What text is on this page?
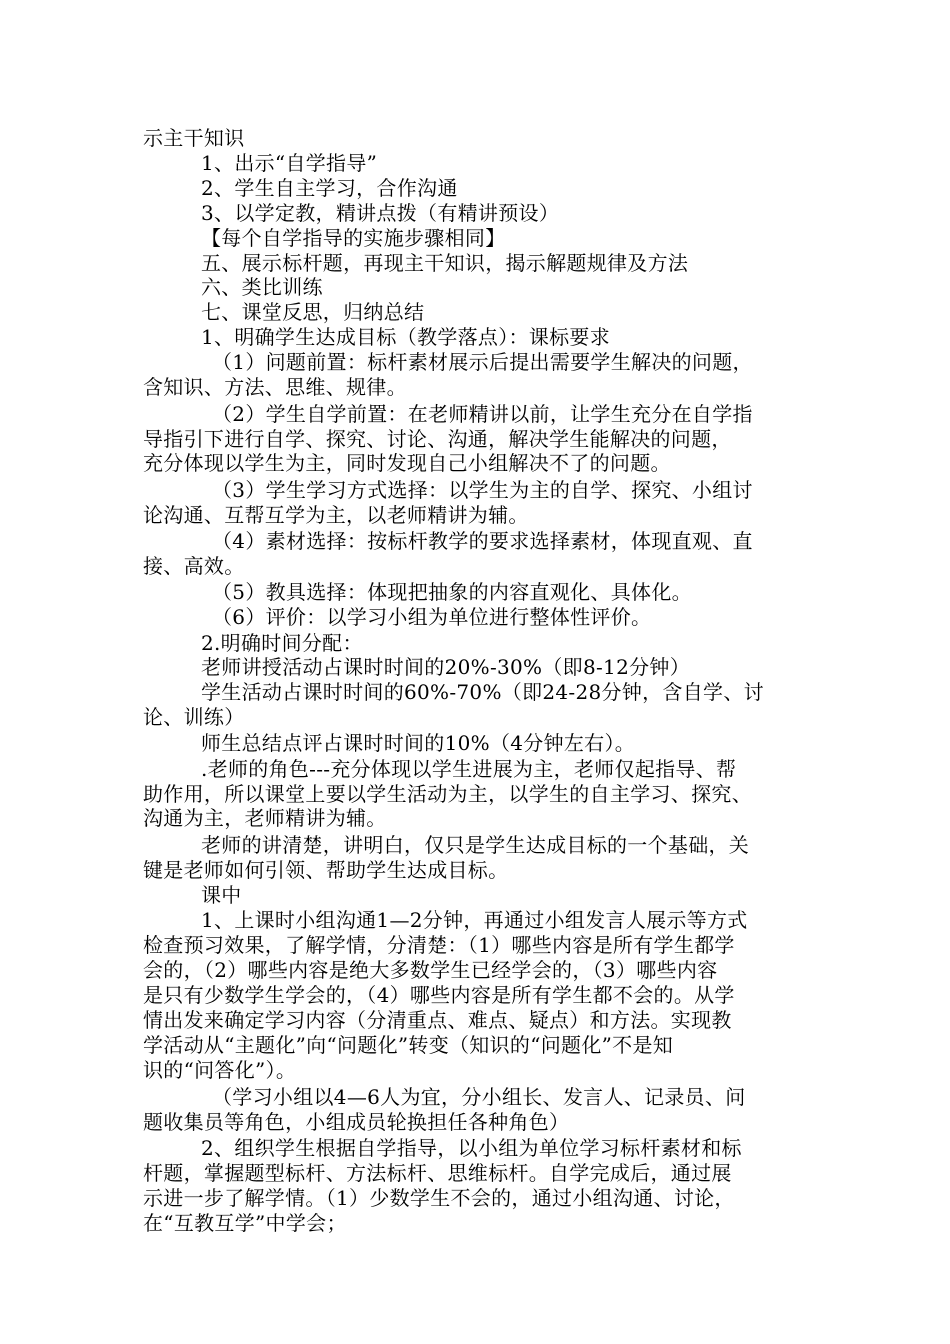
示主干知识
1、出示“自学指导”
2、学生自主学习，合作沟通
3、以学定教，精讲点拨（有精讲预设）
【每个自学指导的实施步骤相同】
五、展示标杆题，再现主干知识，揭示解题规律及方法
六、类比训练
七、课堂反思，归纳总结
1、明确学生达成目标（教学落点）：课标要求
（1）问题前置：标杆素材展示后提出需要学生解决的问题，
含知识、方法、思维、规律。
（2）学生自学前置：在老师精讲以前，让学生充分在自学指
导指引下进行自学、探究、讨论、沟通，解决学生能解决的问题，
充分体现以学生为主，同时发现自己小组解决不了的问题。
（3）学生学习方式选择：以学生为主的自学、探究、小组讨
论沟通、互帮互学为主，以老师精讲为辅。
（4）素材选择：按标杆教学的要求选择素材，体现直观、直
接、高效。
（5）教具选择：体现把抽象的内容直观化、具体化。
（6）评价：以学习小组为单位进行整体性评价。
2.明确时间分配：
老师讲授活动占课时时间的20%-30%（即8-12分钟）
学生活动占课时时间的60%-70%（即24-28分钟，含自学、讨
论、训练）
师生总结点评占课时时间的10%（4分钟左右）。
.老师的角色---充分体现以学生进展为主，老师仅起指导、帮
助作用，所以课堂上要以学生活动为主，以学生的自主学习、探究、
沟通为主，老师精讲为辅。
老师的讲清楚，讲明白，仅只是学生达成目标的一个基础，关
键是老师如何引领、帮助学生达成目标。
课中
1、上课时小组沟通1—2分钟，再通过小组发言人展示等方式
检查预习效果，了解学情，分清楚：（1）哪些内容是所有学生都学
会的，（2）哪些内容是绝大多数学生已经学会的，（3）哪些内容
是只有少数学生学会的，（4）哪些内容是所有学生都不会的。从学
情出发来确定学习内容（分清重点、难点、疑点）和方法。实现教
学活动从“主题化”向“问题化”转变（知识的“问题化”不是知
识的“问答化”）。
（学习小组以4—6人为宜，分小组长、发言人、记录员、问
题收集员等角色，小组成员轮换担任各种角色）
2、组织学生根据自学指导，以小组为单位学习标杆素材和标
杆题，掌握题型标杆、方法标杆、思维标杆。自学完成后，通过展
示进一步了解学情。（1）少数学生不会的，通过小组沟通、讨论，
在“互教互学”中学会；
